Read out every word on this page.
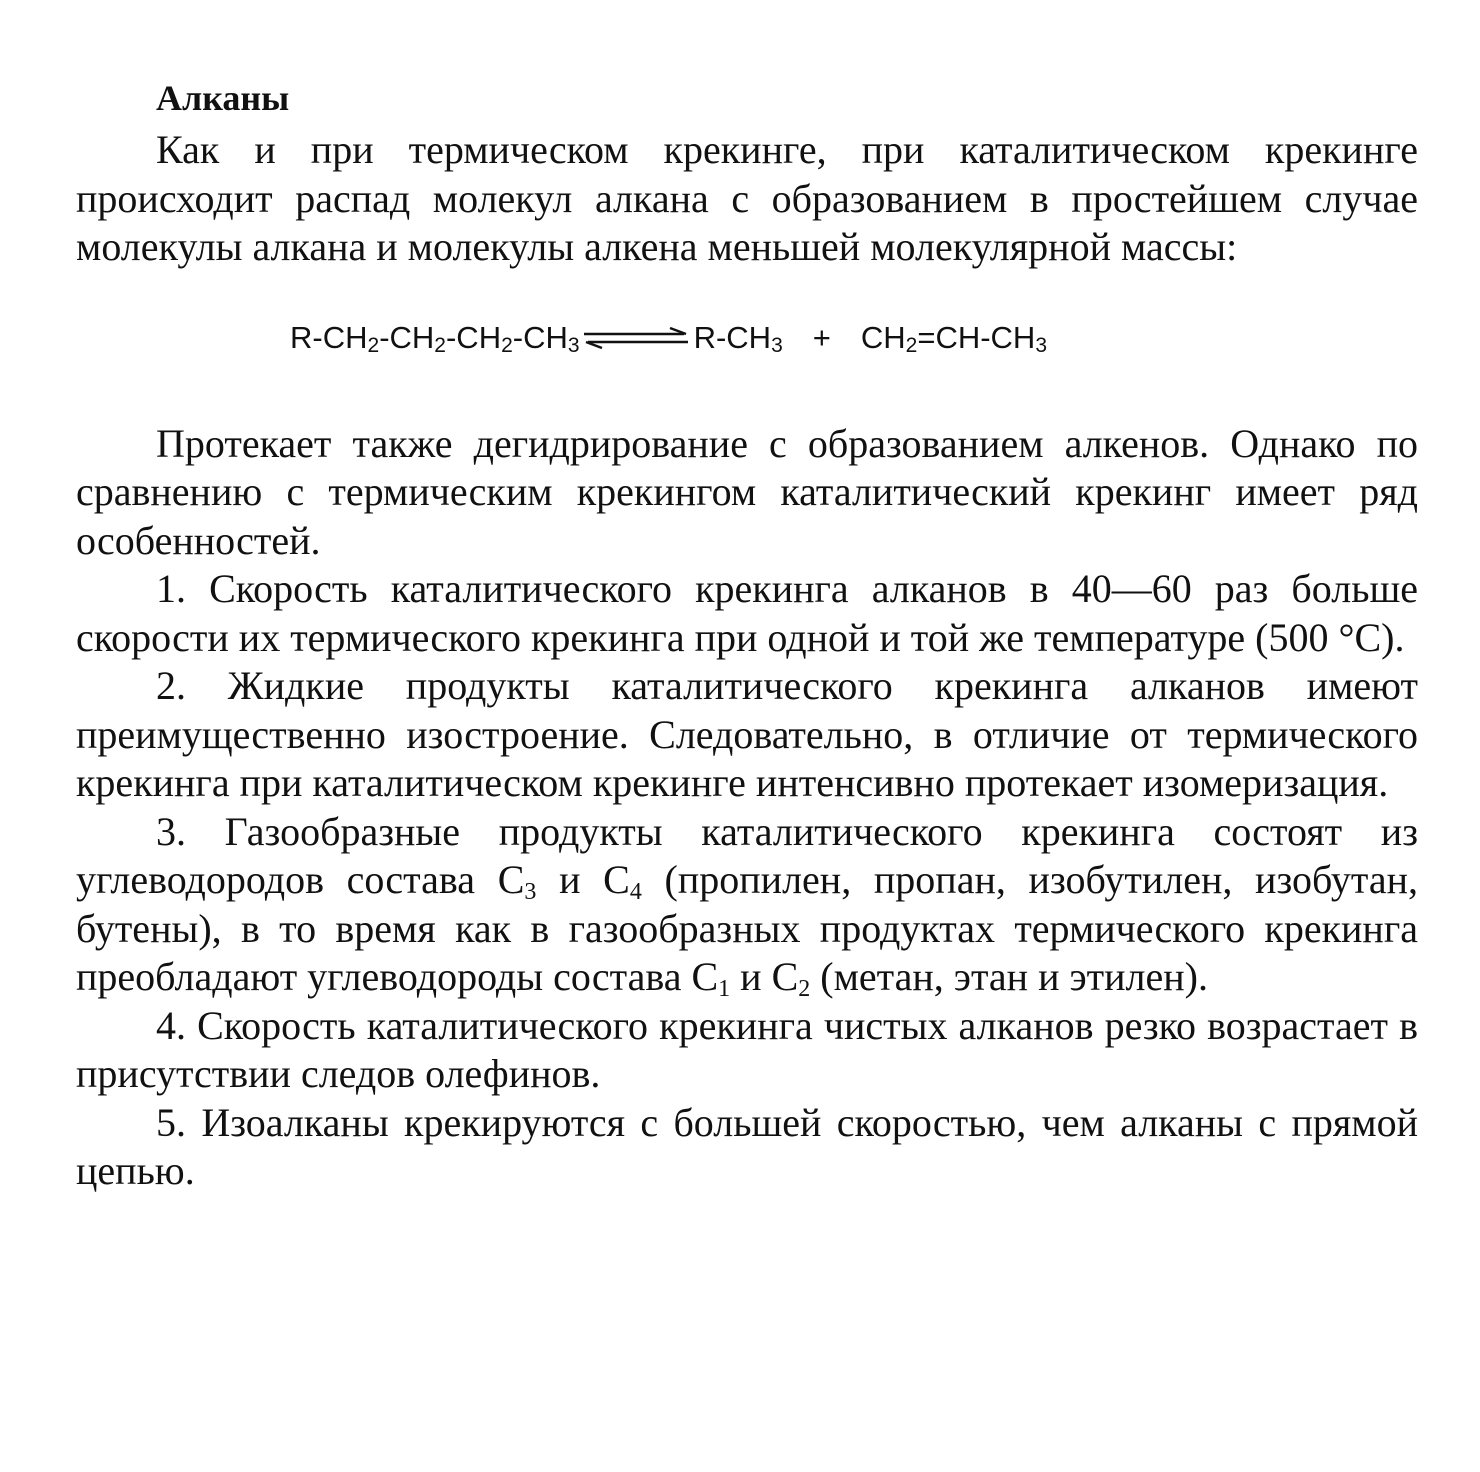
Алканы

Как и при термическом крекинге, при каталитическом крекинге происходит распад молекул алкана с образованием в простейшем случае молекулы алкана и молекулы алкена меньшей молекулярной массы:

$R-CH_2-CH_2-CH_2-CH_3$ ⇌ $R-CH_3 + CH_2=CH-CH_3$

Протекает также дегидрирование с образованием алкенов. Однако по сравнению с термическим крекингом каталитический крекинг имеет ряд особенностей.

1. Скорость каталитического крекинга алканов в 40—60 раз больше скорости их термического крекинга при одной и той же температуре (500 °С).

2. Жидкие продукты каталитического крекинга алканов имеют преимущественно изостроение. Следовательно, в отличие от термического крекинга при каталитическом крекинге интенсивно протекает изомеризация.

3. Газообразные продукты каталитического крекинга состоят из углеводородов состава $С_3$ и $С_4$ (пропилен, пропан, изобутилен, изобутан, бутены), в то время как в газообразных продуктах термического крекинга преобладают углеводороды состава $С_1$ и $С_2$ (метан, этан и этилен).

4. Скорость каталитического крекинга чистых алканов резко возрастает в присутствии следов олефинов.

5. Изоалканы крекируются с большей скоростью, чем алканы с прямой цепью.
